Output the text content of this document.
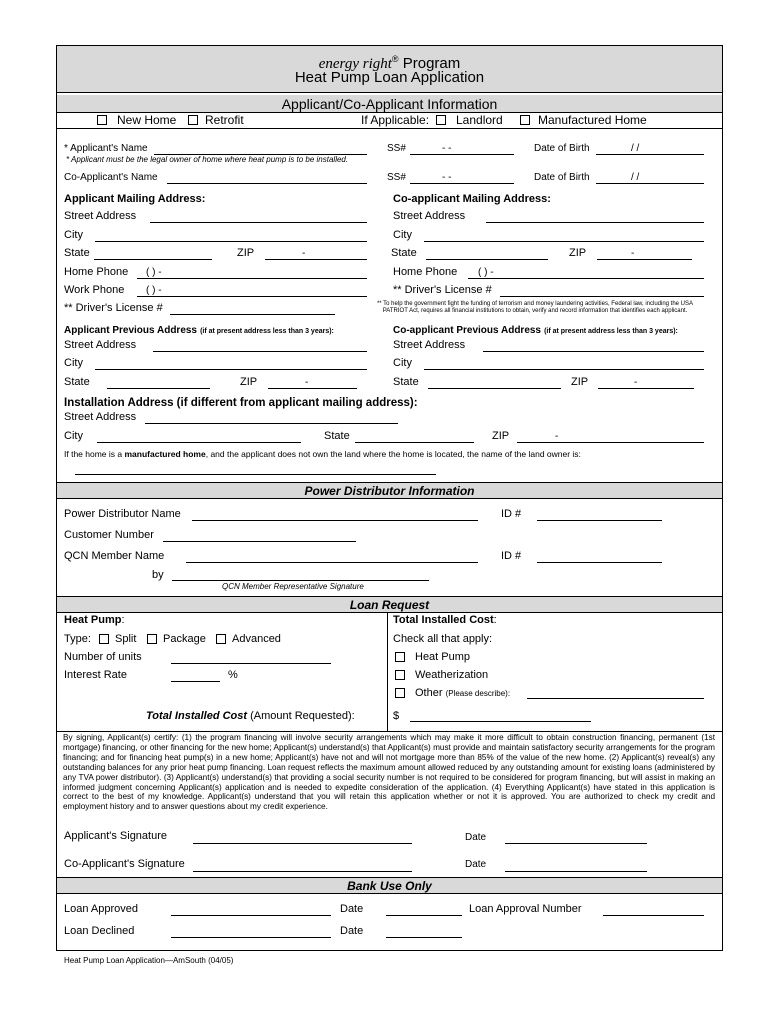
energy right® Program
Heat Pump Loan Application
Applicant/Co-Applicant Information
New Home Retrofit	If Applicable: Landlord	Manufactured Home
* Applicant's Name	SS#	- -	Date of Birth	/ /
* Applicant must be the legal owner of home where heat pump is to be installed.
Co-Applicant's Name	SS#	- -	Date of Birth	/ /
Applicant Mailing Address:	Co-applicant Mailing Address:
Street Address	Street Address
City	City
State	ZIP	-	State	ZIP	-
Home Phone ( ) -	Home Phone ( ) -
Work Phone ( ) -	** Driver's License #
** Driver's License #	** To help the government fight the funding of terrorism and money laundering activities, Federal law, including the USA PATRIOT Act, requires all financial institutions to obtain, verify and record information that identifies each applicant.
Applicant Previous Address (if at present address less than 3 years):	Co-applicant Previous Address (if at present address less than 3 years):
Street Address	Street Address
City	City
State	ZIP	-	State	ZIP	-
Installation Address (if different from applicant mailing address):
Street Address
City	State	ZIP	-
If the home is a manufactured home, and the applicant does not own the land where the home is located, the name of the land owner is:
Power Distributor Information
Power Distributor Name	ID #
Customer Number
QCN Member Name	ID #
by
QCN Member Representative Signature
Loan Request
Heat Pump:	Total Installed Cost:
Type: Split Package Advanced	Check all that apply:
Number of units	Heat Pump
Interest Rate	%	Weatherization
Other (Please describe):
Total Installed Cost (Amount Requested):	$
By signing, Applicant(s) certify: (1) the program financing will involve security arrangements which may make it more difficult to obtain construction financing, permanent (1st mortgage) financing, or other financing for the new home; Applicant(s) understand(s) that Applicant(s) must provide and maintain satisfactory security arrangements for the program financing; and for financing heat pump(s) in a new home; Applicant(s) have not and will not mortgage more than 85% of the value of the new home. (2) Applicant(s) reveal(s) any outstanding balances for any prior heat pump financing. Loan request reflects the maximum amount allowed reduced by any outstanding amount for existing loans (administered by any TVA power distributor). (3) Applicant(s) understand(s) that providing a social security number is not required to be considered for program financing, but will assist in making an informed judgment concerning Applicant(s) application and is needed to expedite consideration of the application. (4) Everything Applicant(s) have stated in this application is correct to the best of my knowledge. Applicant(s) understand that you will retain this application whether or not it is approved. You are authorized to check my credit and employment history and to answer questions about my credit experience.
Applicant's Signature	Date
Co-Applicant's Signature	Date
Bank Use Only
Loan Approved	Date	Loan Approval Number
Loan Declined	Date
Heat Pump Loan Application—AmSouth (04/05)
